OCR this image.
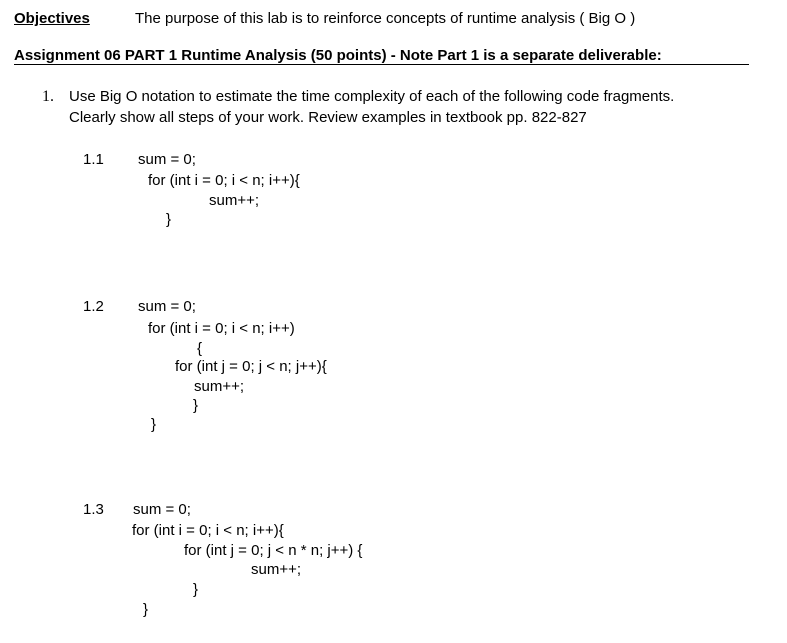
Objectives	The purpose of this lab is to reinforce concepts of runtime analysis ( Big O )
Assignment 06 PART 1 Runtime Analysis (50 points) - Note Part 1 is a separate deliverable:
1. Use Big O notation to estimate the time complexity of each of the following code fragments.
Clearly show all steps of your work. Review examples in textbook pp. 822-827
1.1 sum = 0;
for (int i = 0; i < n; i++){
sum++;
}
1.2 sum = 0;
for (int i = 0; i < n; i++)
{
for (int j = 0; j < n; j++){
sum++;
}
}
1.3 sum = 0;
for (int i = 0; i < n; i++){
for (int j = 0; j < n * n; j++) {
sum++;
}
}
